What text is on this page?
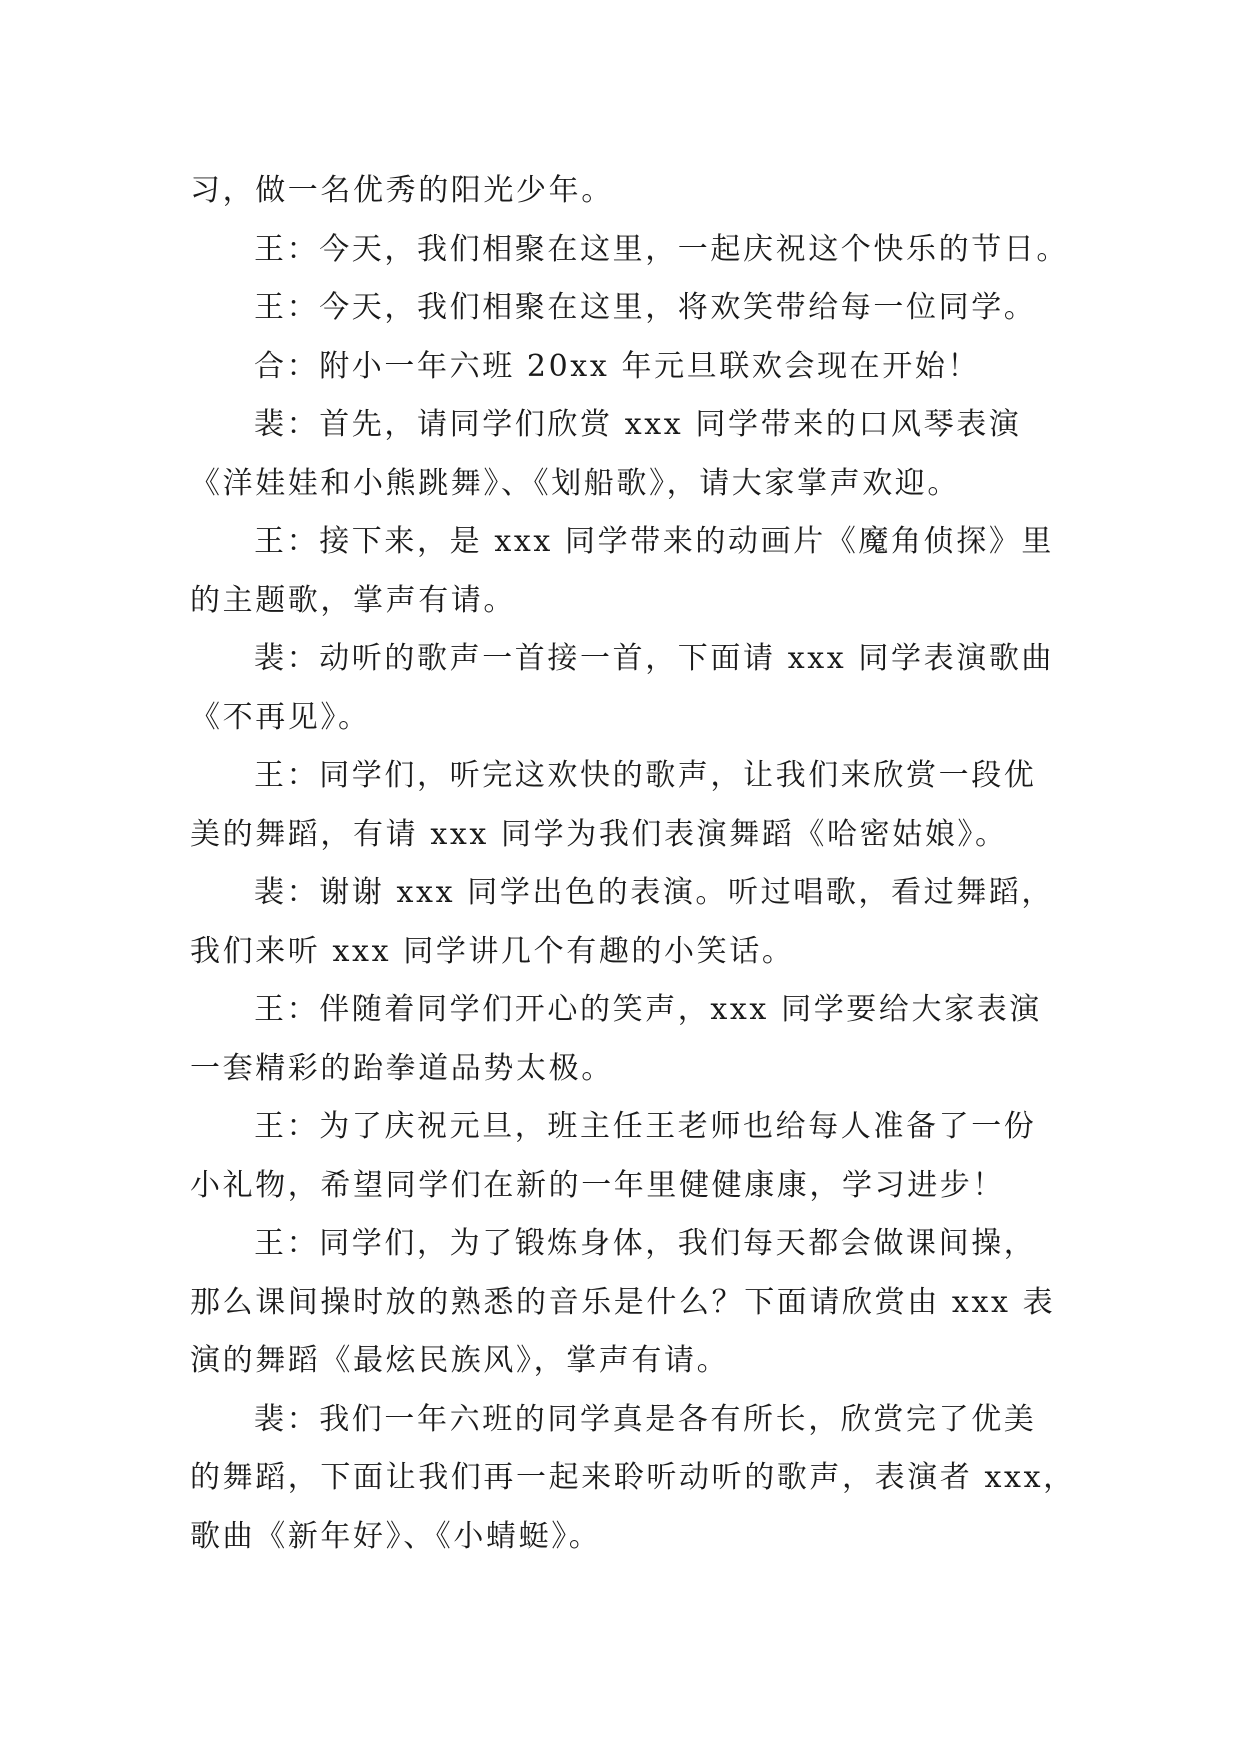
习，做一名优秀的阳光少年。

王：今天，我们相聚在这里，一起庆祝这个快乐的节日。

王：今天，我们相聚在这里，将欢笑带给每一位同学。

合：附小一年六班 20xx 年元旦联欢会现在开始！

裴：首先，请同学们欣赏 xxx 同学带来的口风琴表演
《洋娃娃和小熊跳舞》、《划船歌》，请大家掌声欢迎。

王：接下来，是 xxx 同学带来的动画片《魔角侦探》里
的主题歌，掌声有请。

裴：动听的歌声一首接一首，下面请 xxx 同学表演歌曲
《不再见》。

王：同学们，听完这欢快的歌声，让我们来欣赏一段优
美的舞蹈，有请 xxx 同学为我们表演舞蹈《哈密姑娘》。

裴：谢谢 xxx 同学出色的表演。听过唱歌，看过舞蹈，
我们来听 xxx 同学讲几个有趣的小笑话。

王：伴随着同学们开心的笑声，xxx 同学要给大家表演
一套精彩的跆拳道品势太极。

王：为了庆祝元旦，班主任王老师也给每人准备了一份
小礼物，希望同学们在新的一年里健健康康，学习进步！

王：同学们，为了锻炼身体，我们每天都会做课间操，
那么课间操时放的熟悉的音乐是什么？下面请欣赏由 xxx 表
演的舞蹈《最炫民族风》，掌声有请。

裴：我们一年六班的同学真是各有所长，欣赏完了优美
的舞蹈，下面让我们再一起来聆听动听的歌声，表演者 xxx，
歌曲《新年好》、《小蜻蜓》。
